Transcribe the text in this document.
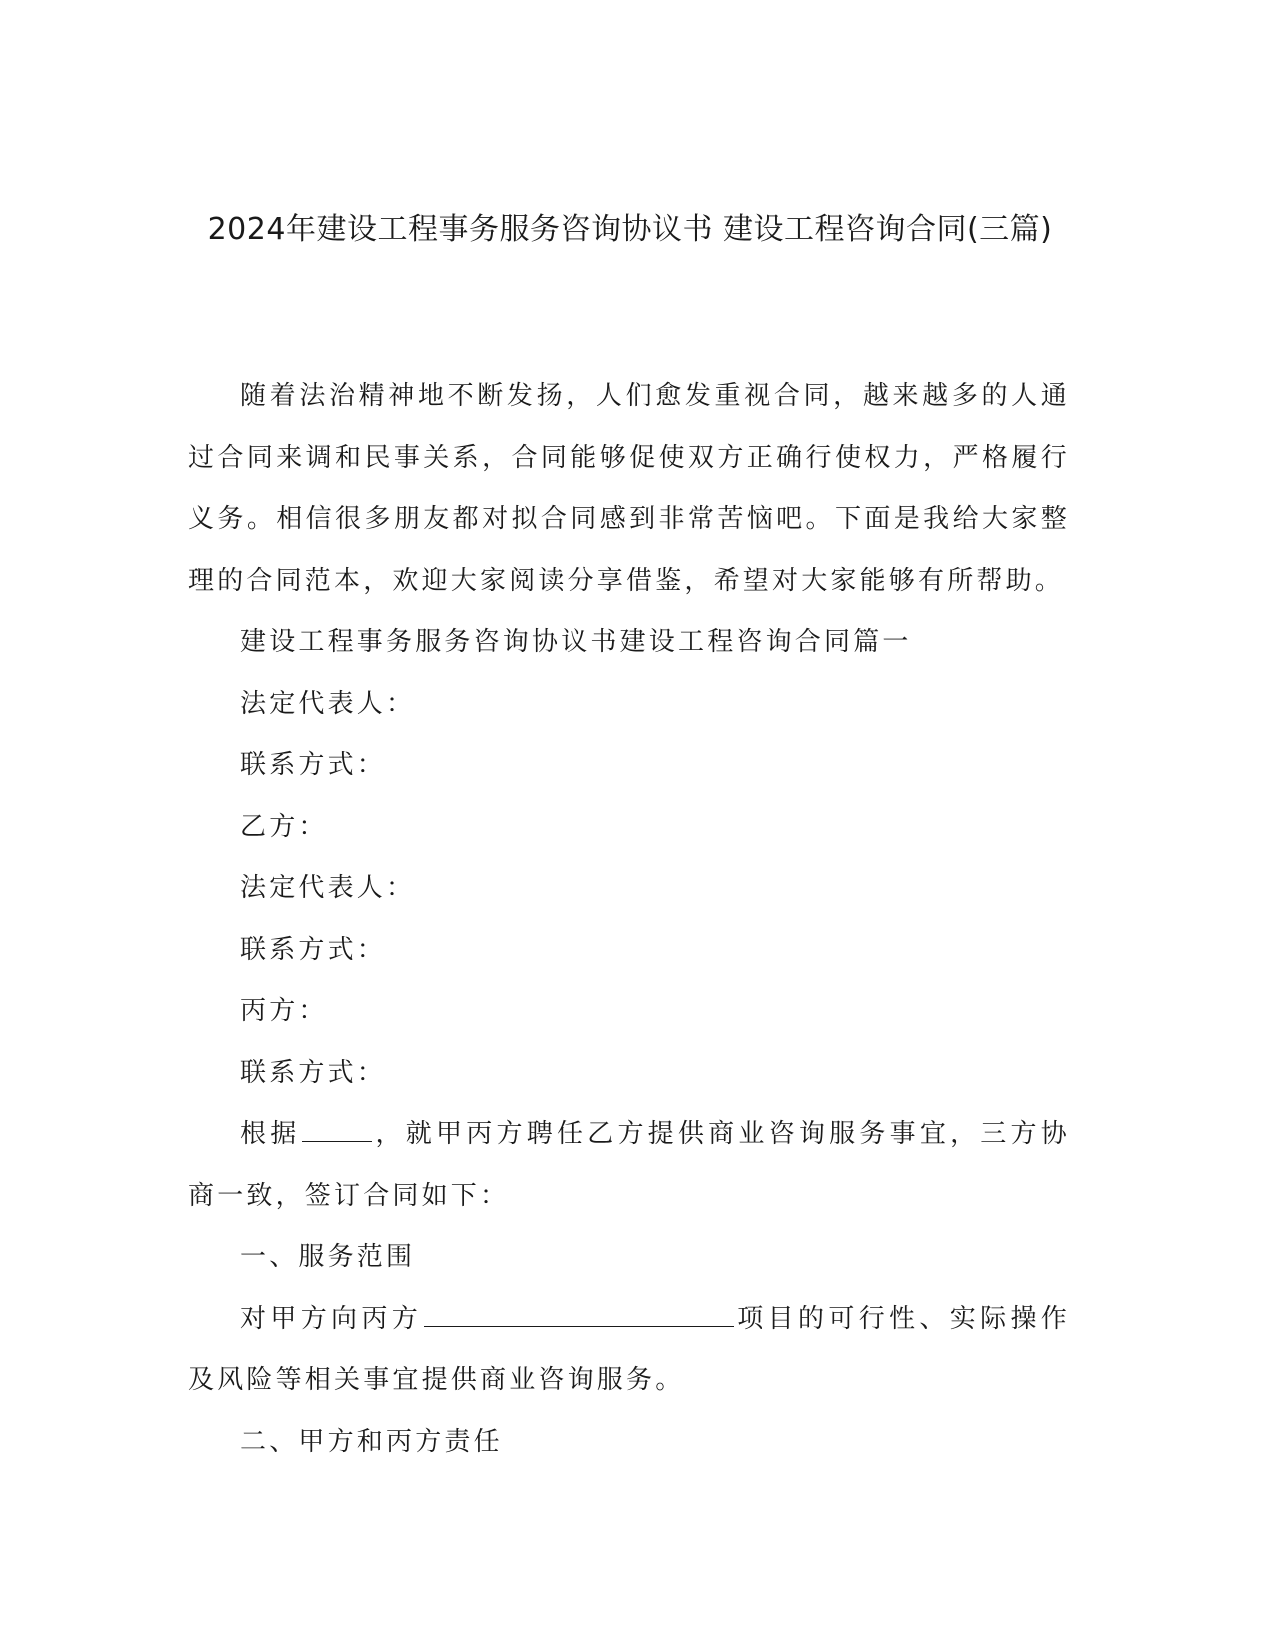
2024年建设工程事务服务咨询协议书 建设工程咨询合同(三篇)

随着法治精神地不断发扬，人们愈发重视合同，越来越多的人通过合同来调和民事关系，合同能够促使双方正确行使权力，严格履行义务。相信很多朋友都对拟合同感到非常苦恼吧。下面是我给大家整理的合同范本，欢迎大家阅读分享借鉴，希望对大家能够有所帮助。

建设工程事务服务咨询协议书建设工程咨询合同篇一

法定代表人：

联系方式：

乙方：

法定代表人：

联系方式：

丙方：

联系方式：

根据	，就甲丙方聘任乙方提供商业咨询服务事宜，三方协商一致，签订合同如下：

一、服务范围

对甲方向丙方	项目的可行性、实际操作及风险等相关事宜提供商业咨询服务。

二、甲方和丙方责任
